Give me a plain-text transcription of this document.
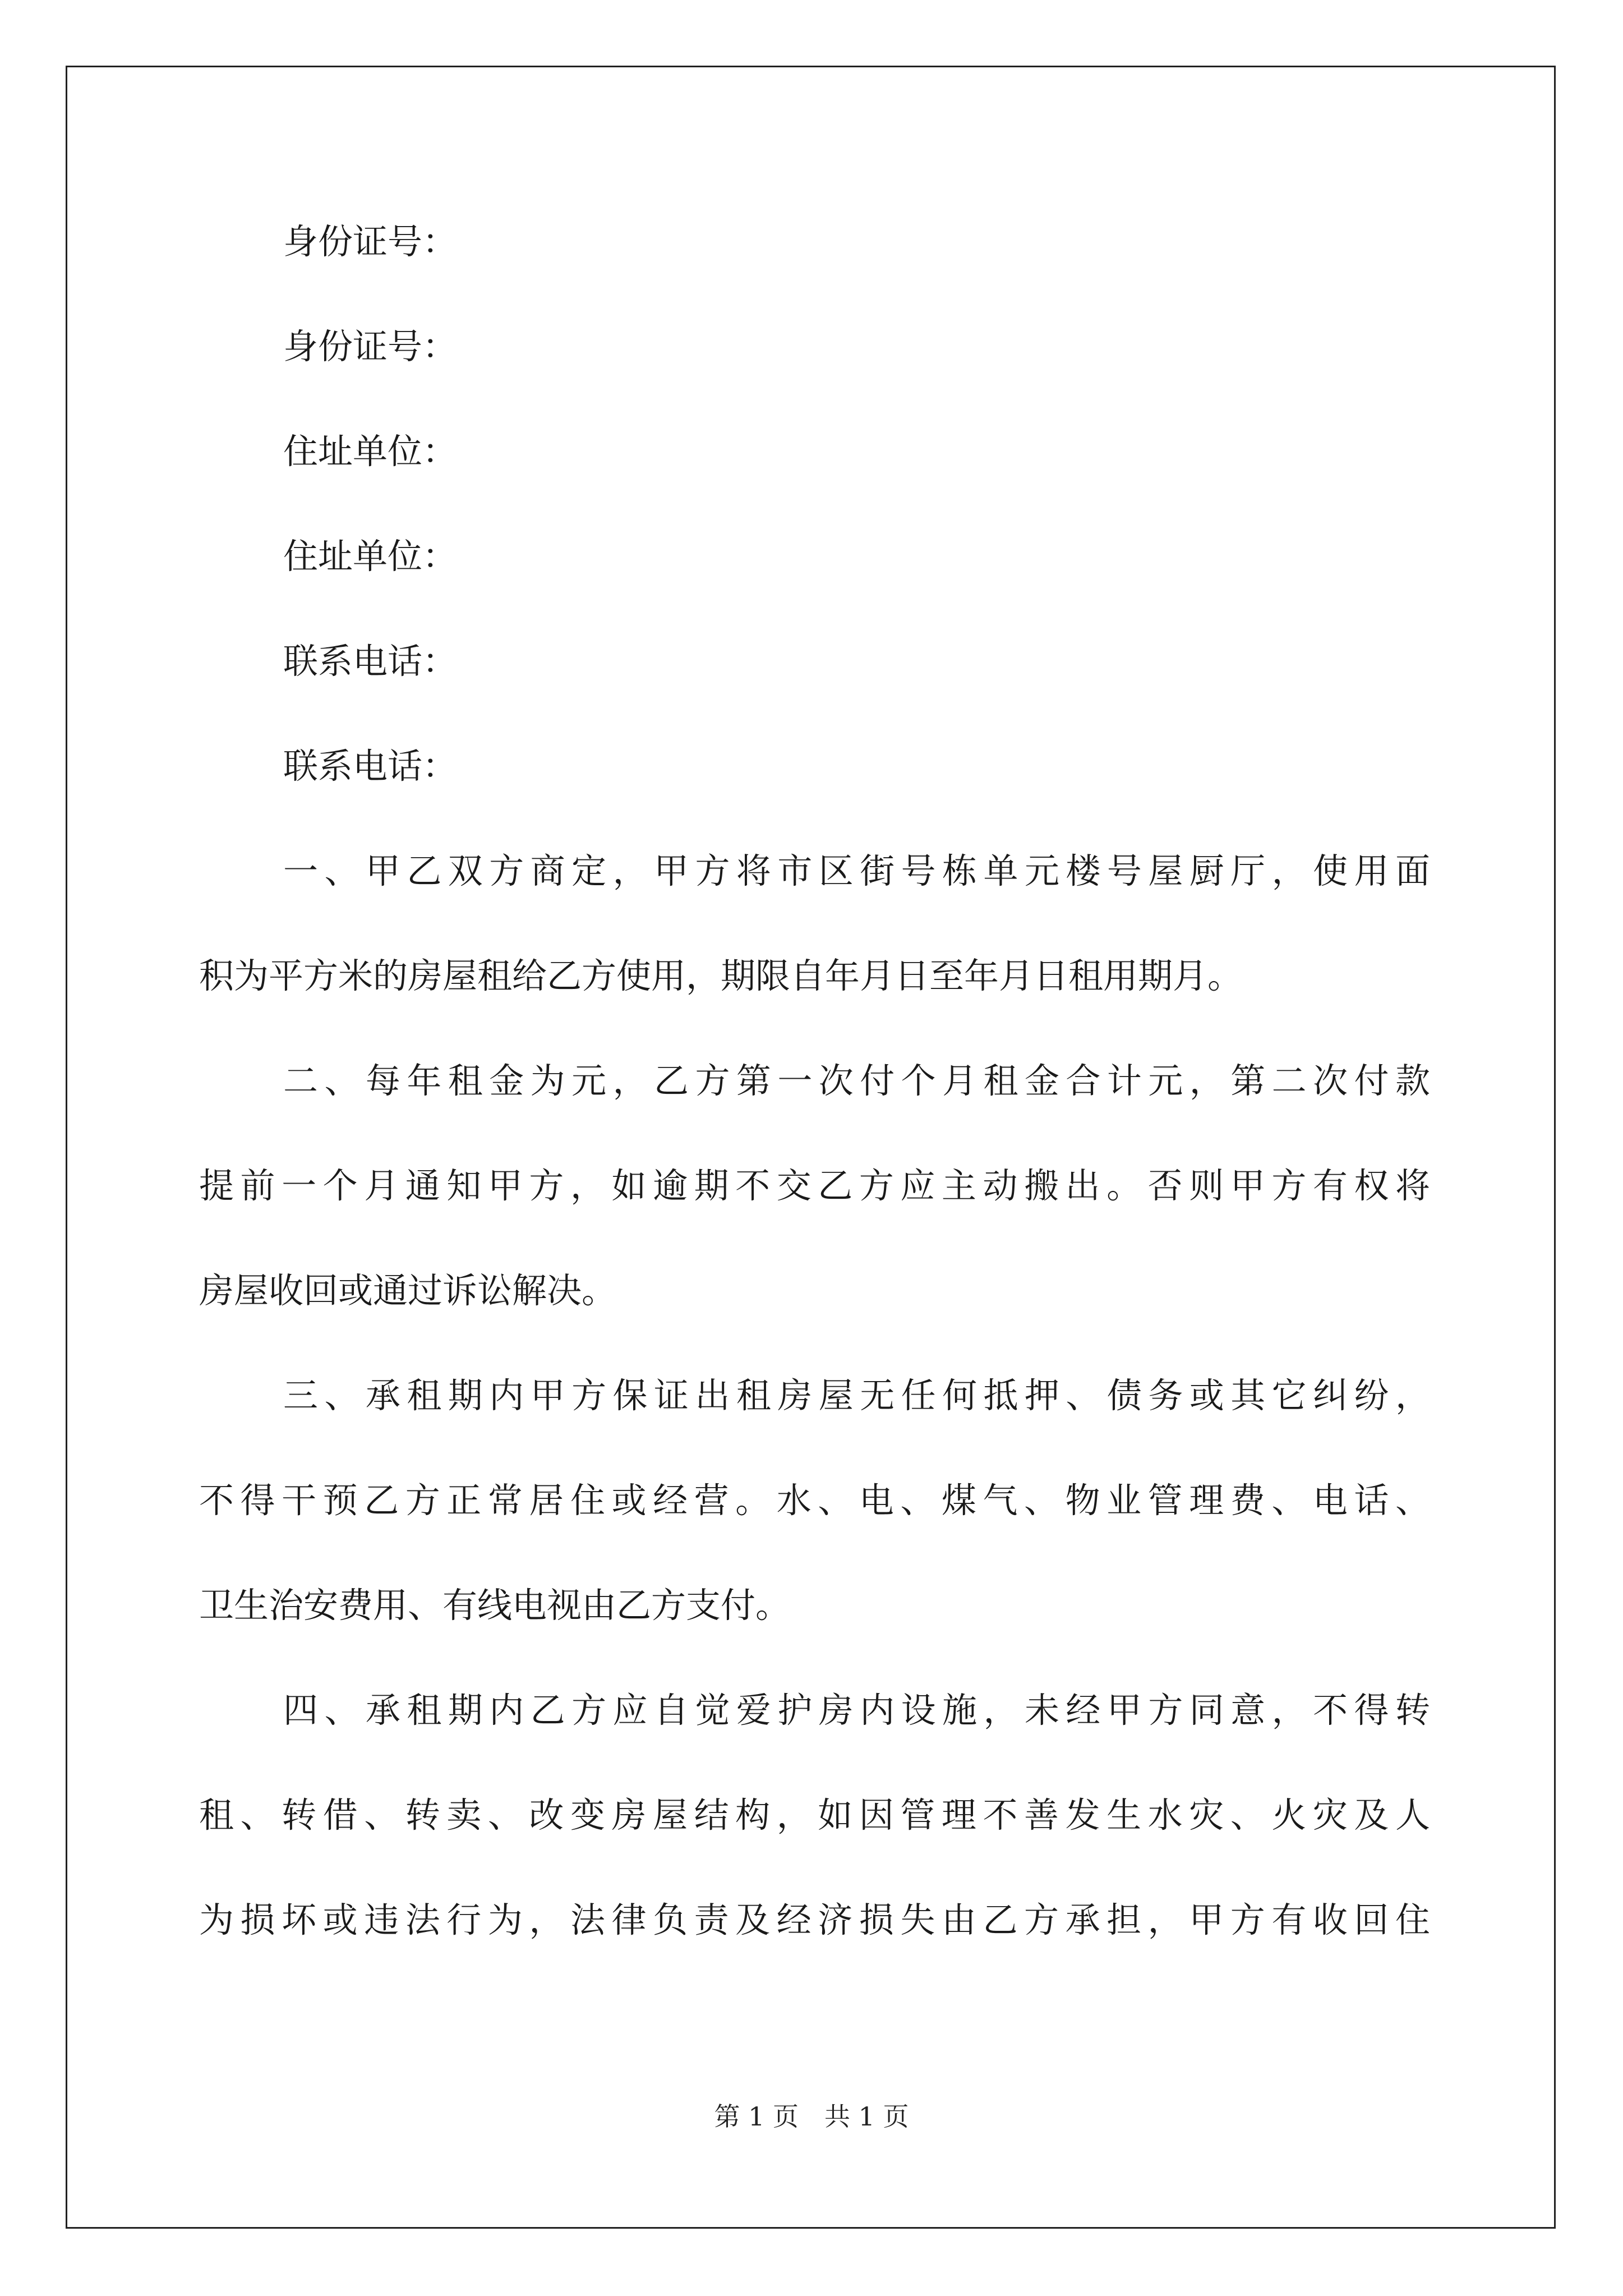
身份证号：
身份证号：
住址单位：
住址单位：
联系电话：
联系电话：
一、甲乙双方商定，甲方将市区街号栋单元楼号屋厨厅，使用面
积为平方米的房屋租给乙方使用，期限自年月日至年月日租用期月。
二、每年租金为元，乙方第一次付个月租金合计元，第二次付款
提前一个月通知甲方，如逾期不交乙方应主动搬出。否则甲方有权将
房屋收回或通过诉讼解决。
三、承租期内甲方保证出租房屋无任何抵押、债务或其它纠纷，
不得干预乙方正常居住或经营。水、电、煤气、物业管理费、电话、
卫生治安费用、有线电视由乙方支付。
四、承租期内乙方应自觉爱护房内设施，未经甲方同意，不得转
租、转借、转卖、改变房屋结构，如因管理不善发生水灾、火灾及人
为损坏或违法行为，法律负责及经济损失由乙方承担，甲方有收回住
第 1 页　共 1 页
